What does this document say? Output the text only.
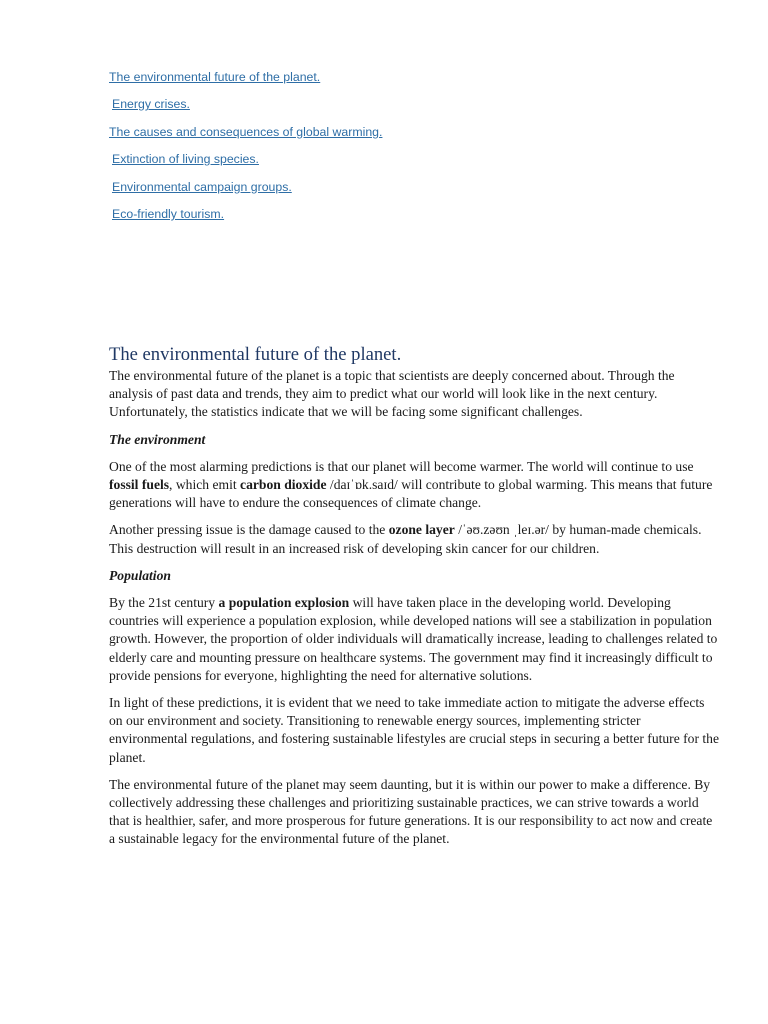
The environmental future of the planet.
Energy crises.
The causes and consequences of global warming.
Extinction of living species.
Environmental campaign groups.
Eco-friendly tourism.
The environmental future of the planet.

The environmental future of the planet is a topic that scientists are deeply concerned about. Through the analysis of past data and trends, they aim to predict what our world will look like in the next century. Unfortunately, the statistics indicate that we will be facing some significant challenges.

The environment

One of the most alarming predictions is that our planet will become warmer. The world will continue to use fossil fuels, which emit carbon dioxide /daɪˈɒk.saɪd/ will contribute to global warming. This means that future generations will have to endure the consequences of climate change.

Another pressing issue is the damage caused to the ozone layer /ˈəʊ.zəʊn ˌleɪ.ər/ by human-made chemicals. This destruction will result in an increased risk of developing skin cancer for our children.

Population

By the 21st century a population explosion will have taken place in the developing world. Developing countries will experience a population explosion, while developed nations will see a stabilization in population growth. However, the proportion of older individuals will dramatically increase, leading to challenges related to elderly care and mounting pressure on healthcare systems. The government may find it increasingly difficult to provide pensions for everyone, highlighting the need for alternative solutions.

In light of these predictions, it is evident that we need to take immediate action to mitigate the adverse effects on our environment and society. Transitioning to renewable energy sources, implementing stricter environmental regulations, and fostering sustainable lifestyles are crucial steps in securing a better future for the planet.

The environmental future of the planet may seem daunting, but it is within our power to make a difference. By collectively addressing these challenges and prioritizing sustainable practices, we can strive towards a world that is healthier, safer, and more prosperous for future generations. It is our responsibility to act now and create a sustainable legacy for the environmental future of the planet.
